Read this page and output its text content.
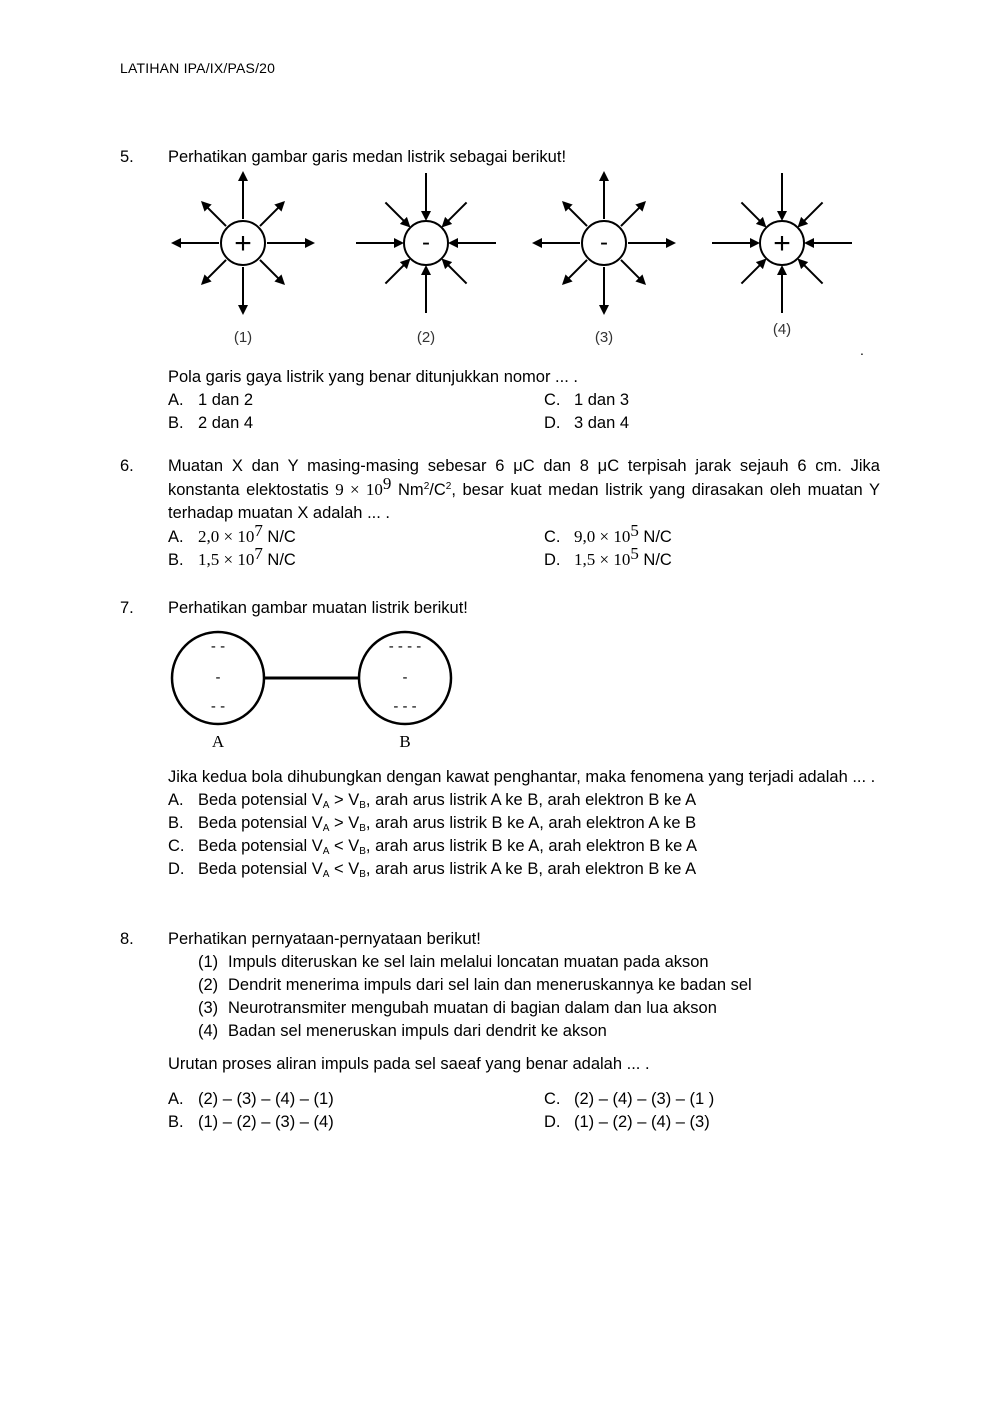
LATIHAN IPA/IX/PAS/20
5.	Perhatikan gambar garis medan listrik sebagai berikut!
+
(1)
-
(2)
-
(3)
+
(4)
.
Pola garis gaya listrik yang benar ditunjukkan nomor ... .
A. 1 dan 2	C. 1 dan 3
B. 2 dan 4	D. 3 dan 4
6.	Muatan X dan Y masing-masing sebesar 6 μC dan 8 μC terpisah jarak sejauh 6 cm. Jika konstanta elektostatis $9 \times 10^9$ $Nm^2/C^2$, besar kuat medan listrik yang dirasakan oleh muatan Y terhadap muatan X adalah ... .
A. $2,0 \times 10^7$ N/C	C. $9,0 \times 10^5$ N/C
B. $1,5 \times 10^7$ N/C	D. $1,5 \times 10^5$ N/C
7.	Perhatikan gambar muatan listrik berikut!
- -
-
- -
- - - -
-
- - -
A	B
Jika kedua bola dihubungkan dengan kawat penghantar, maka fenomena yang terjadi adalah ... .
A. Beda potensial $V_A > V_B$, arah arus listrik A ke B, arah elektron B ke A
B. Beda potensial $V_A > V_B$, arah arus listrik B ke A, arah elektron A ke B
C. Beda potensial $V_A < V_B$, arah arus listrik B ke A, arah elektron B ke A
D. Beda potensial $V_A < V_B$, arah arus listrik A ke B, arah elektron B ke A
8.	Perhatikan pernyataan-pernyataan berikut!
(1) Impuls diteruskan ke sel lain melalui loncatan muatan pada akson
(2) Dendrit menerima impuls dari sel lain dan meneruskannya ke badan sel
(3) Neurotransmiter mengubah muatan di bagian dalam dan lua akson
(4) Badan sel meneruskan impuls dari dendrit ke akson
Urutan proses aliran impuls pada sel saeaf yang benar adalah ... .
A. (2) – (3) – (4) – (1)	C. (2) – (4) – (3) – (1 )
B. (1) – (2) – (3) – (4)	D. (1) – (2) – (4) – (3)
